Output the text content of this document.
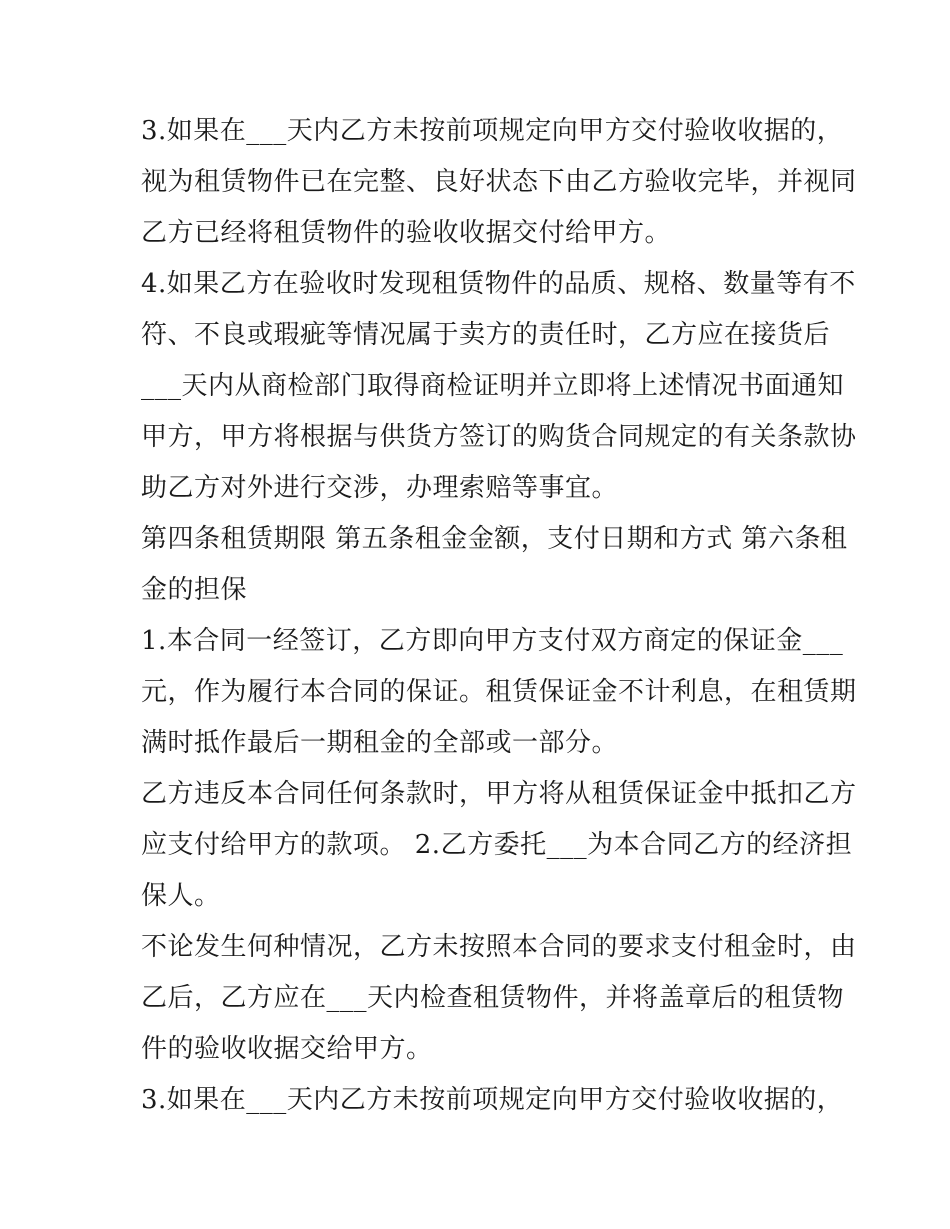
3.如果在___天内乙方未按前项规定向甲方交付验收收据的，
视为租赁物件已在完整、良好状态下由乙方验收完毕，并视同
乙方已经将租赁物件的验收收据交付给甲方。
4.如果乙方在验收时发现租赁物件的品质、规格、数量等有不
符、不良或瑕疵等情况属于卖方的责任时，乙方应在接货后
___天内从商检部门取得商检证明并立即将上述情况书面通知
甲方，甲方将根据与供货方签订的购货合同规定的有关条款协
助乙方对外进行交涉，办理索赔等事宜。
第四条租赁期限 第五条租金金额，支付日期和方式 第六条租
金的担保
1.本合同一经签订，乙方即向甲方支付双方商定的保证金___
元，作为履行本合同的保证。租赁保证金不计利息，在租赁期
满时抵作最后一期租金的全部或一部分。
乙方违反本合同任何条款时，甲方将从租赁保证金中抵扣乙方
应支付给甲方的款项。 2.乙方委托___为本合同乙方的经济担
保人。
不论发生何种情况，乙方未按照本合同的要求支付租金时，由
乙后，乙方应在___天内检查租赁物件，并将盖章后的租赁物
件的验收收据交给甲方。
3.如果在___天内乙方未按前项规定向甲方交付验收收据的，
